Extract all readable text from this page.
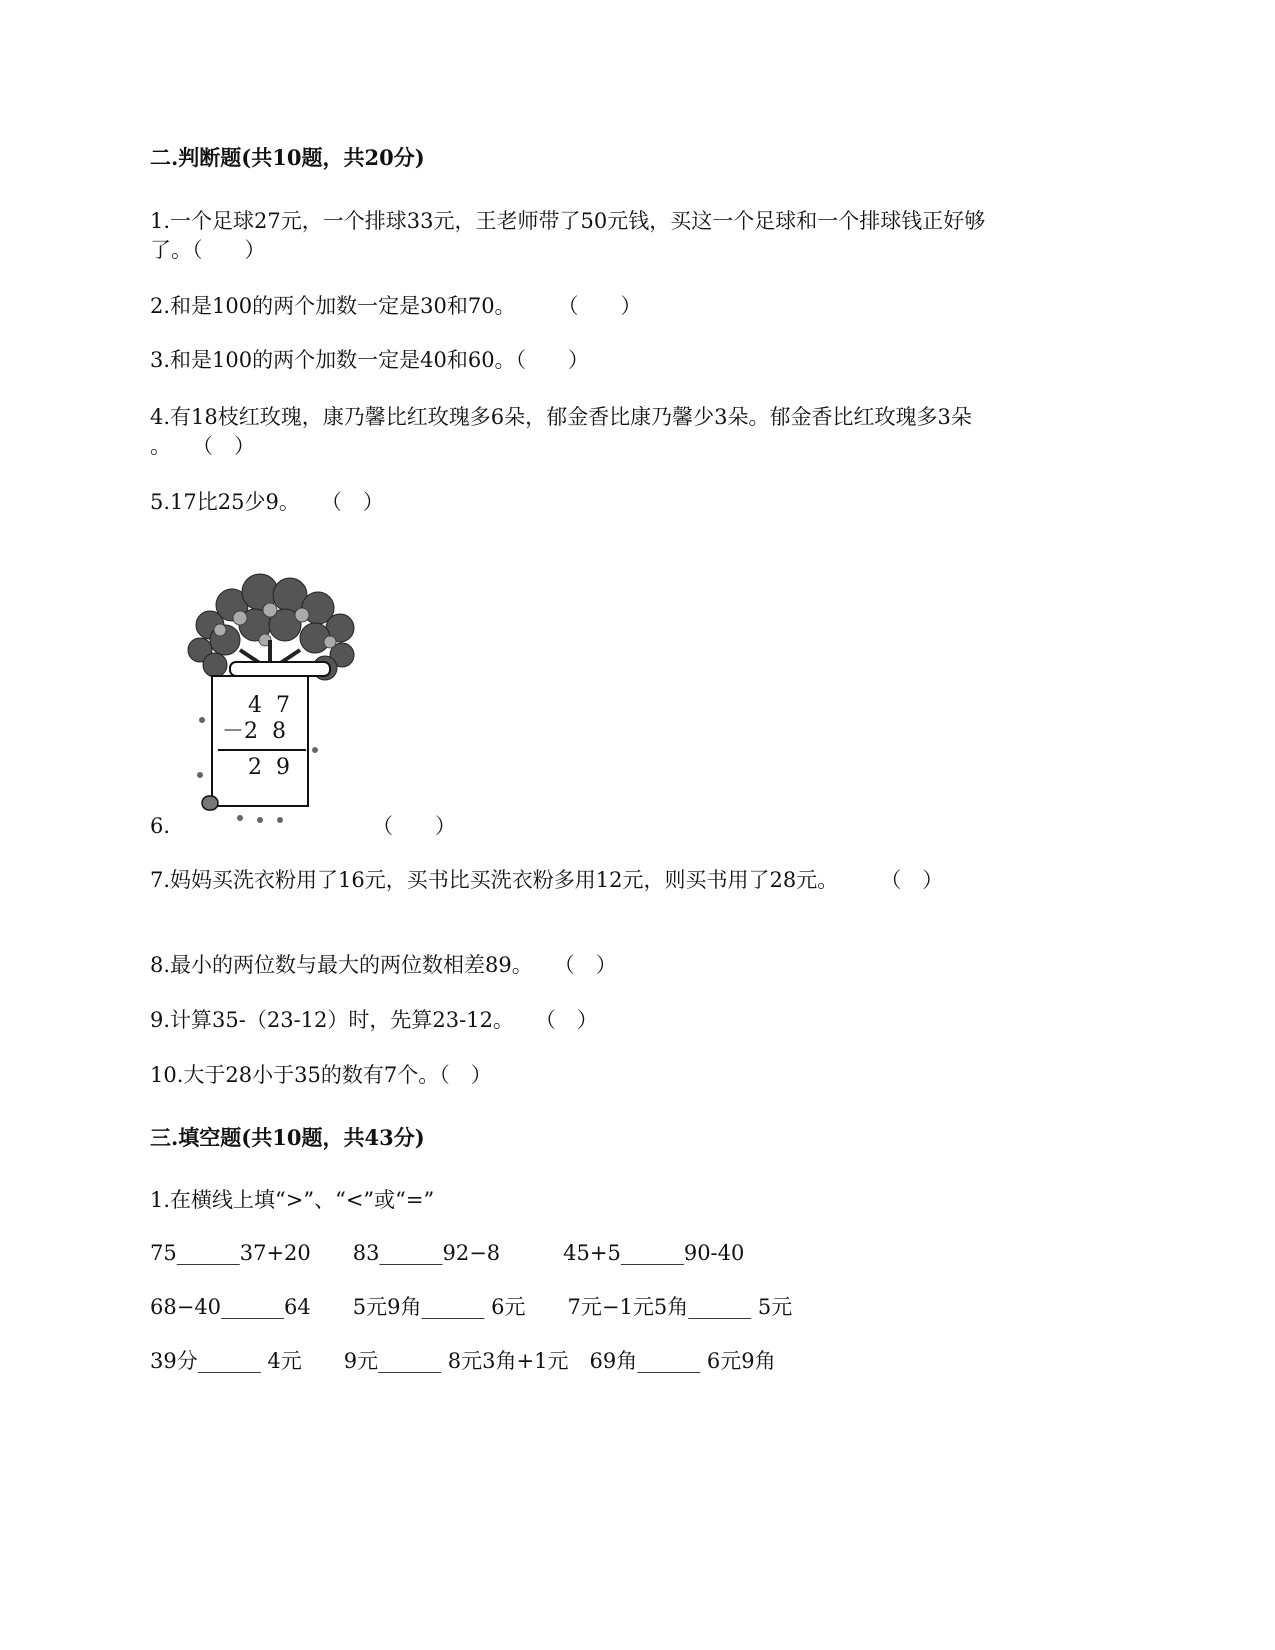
二.判断题(共10题，共20分)
1.一个足球27元，一个排球33元，王老师带了50元钱，买这一个足球和一个排球钱正好够
了。（　　）
2.和是100的两个加数一定是30和70。　　　（　　）
3.和是100的两个加数一定是40和60。（　　）
4.有18枝红玫瑰，康乃馨比红玫瑰多6朵，郁金香比康乃馨少3朵。郁金香比红玫瑰多3朵
。　　（　）
5.17比25少9。　　（　）
4  7
－2  8
2  9
6.	（　　）
7.妈妈买洗衣粉用了16元，买书比买洗衣粉多用12元，则买书用了28元。　　　（　）
8.最小的两位数与最大的两位数相差89。　　（　）
9.计算35-（23-12）时，先算23-12。　　（　）
10.大于28小于35的数有7个。（　）
三.填空题(共10题，共43分)
1.在横线上填“>”、“<”或“=”
75______37+20　　83______92−8　　　45+5______90-40
68−40______64　　5元9角______ 6元　　7元−1元5角______ 5元
39分______ 4元　　9元______ 8元3角+1元　69角______ 6元9角
